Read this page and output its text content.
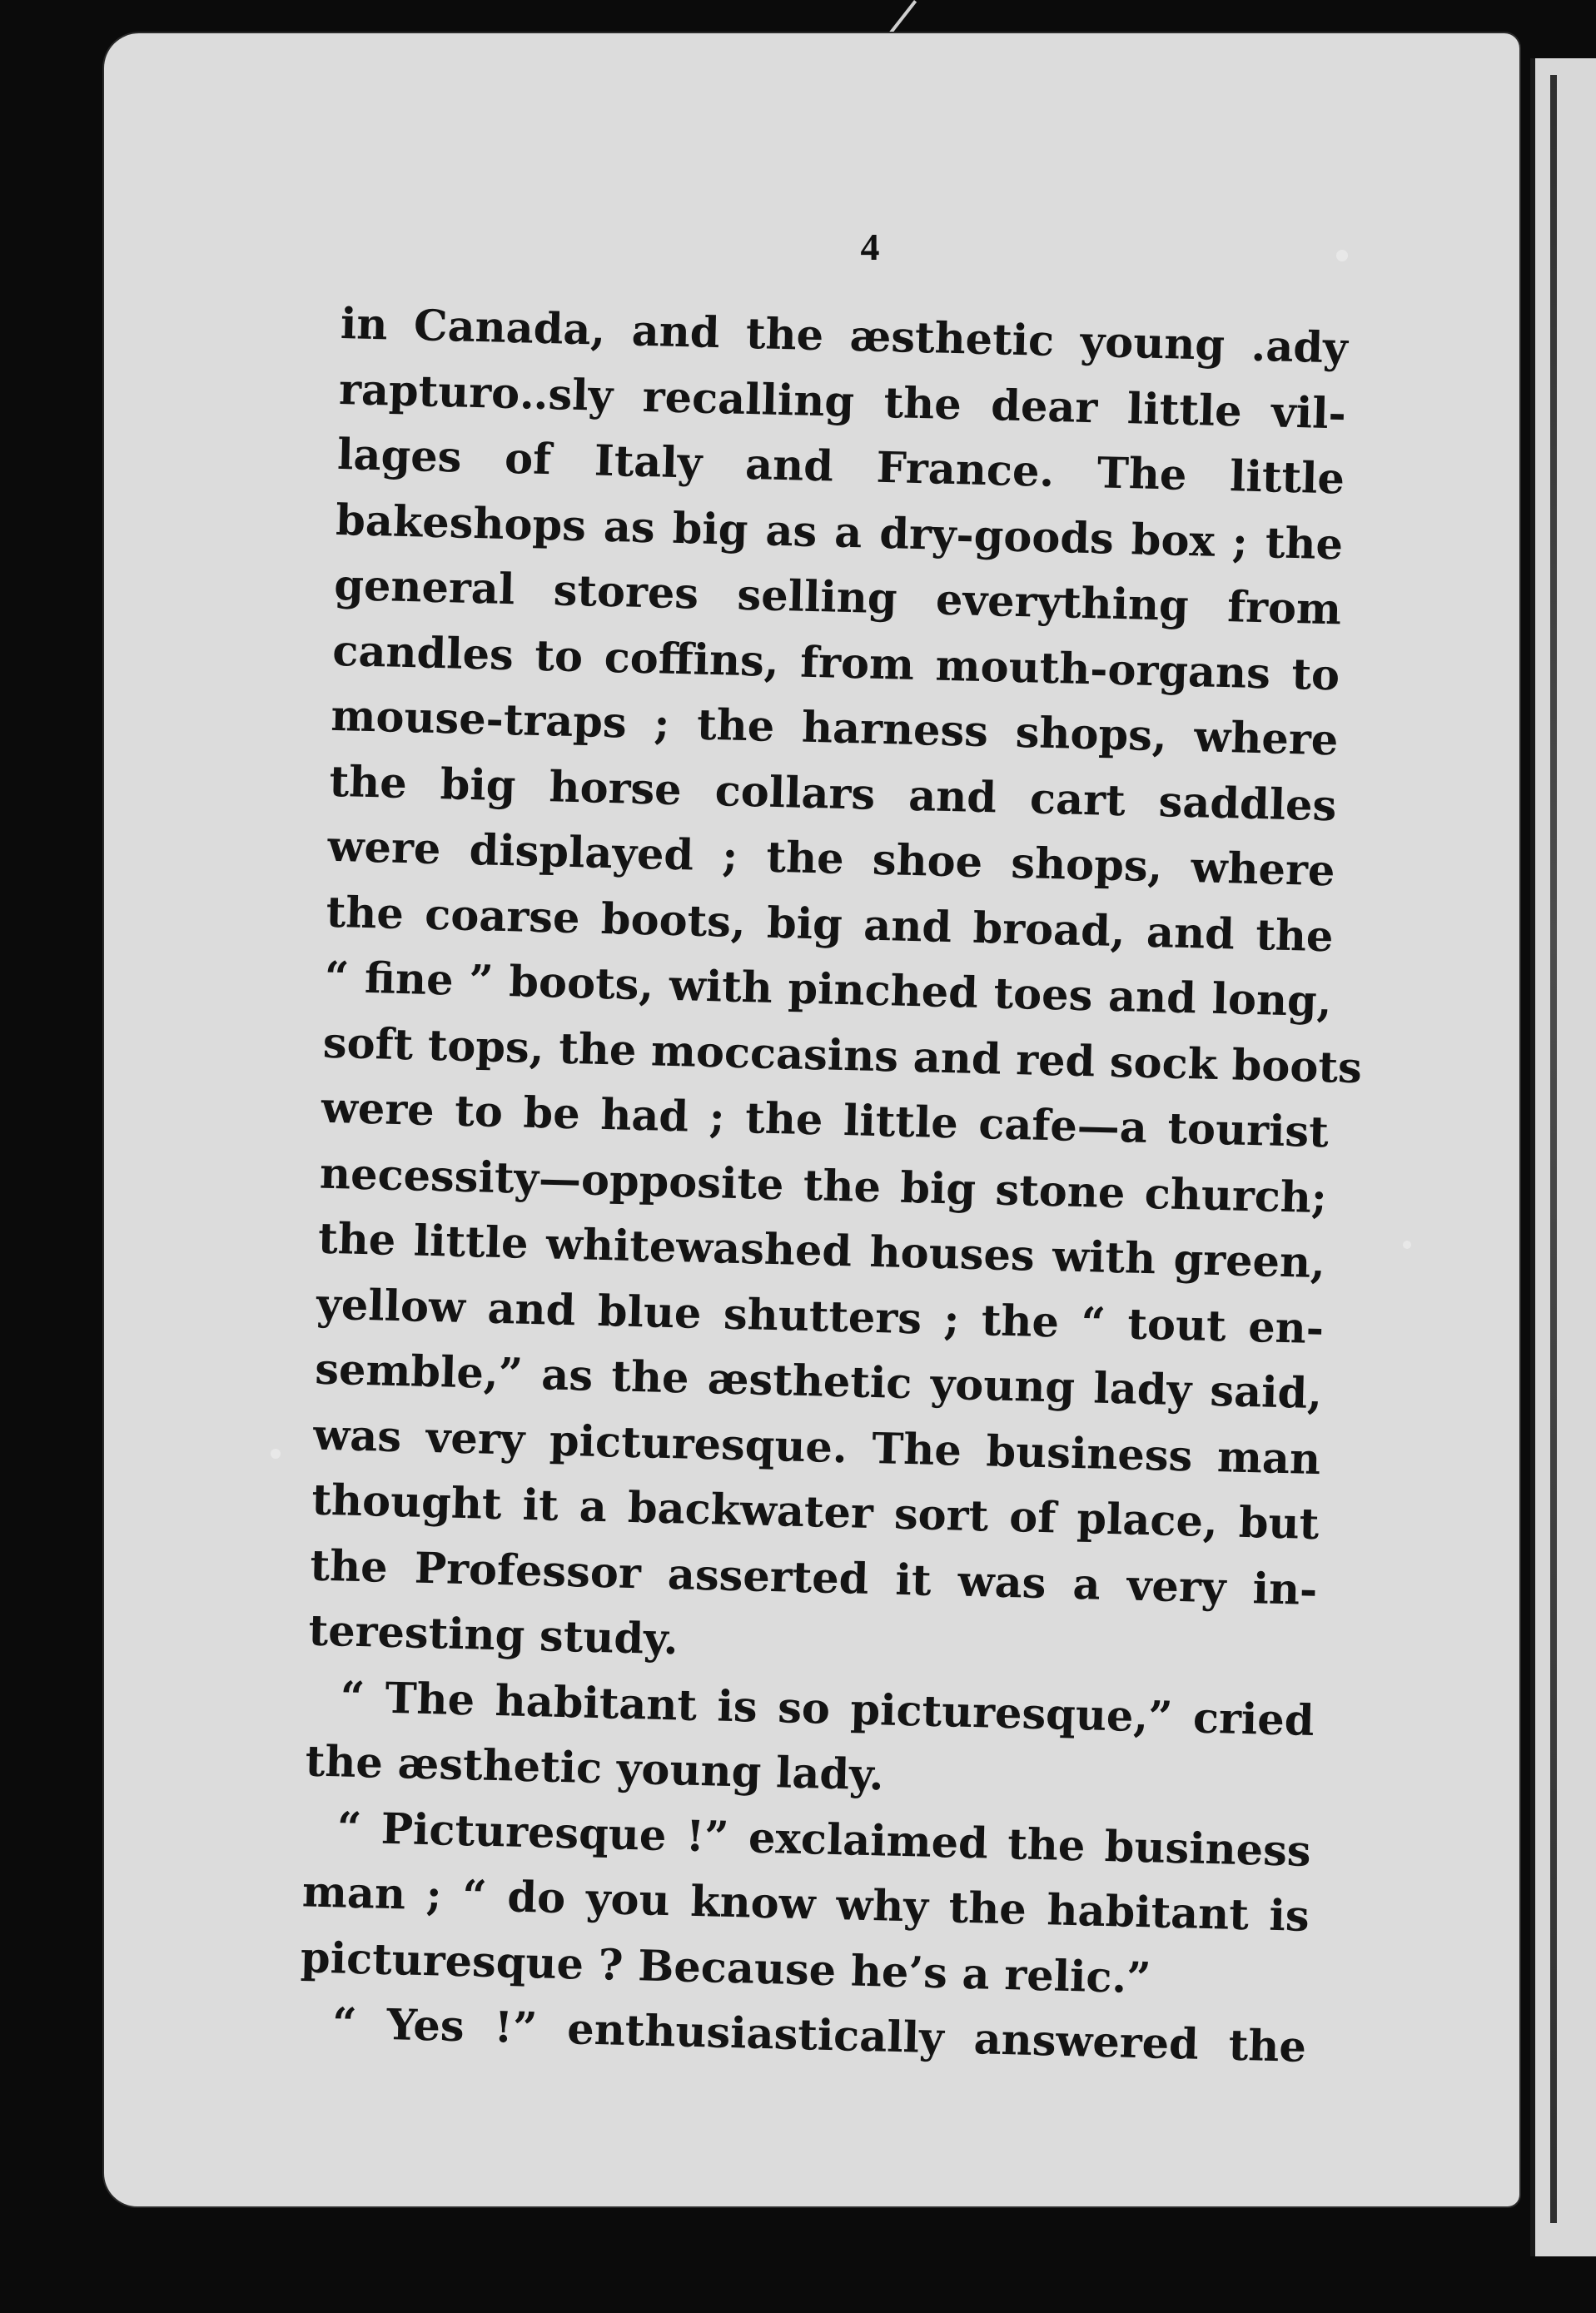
4
in Canada, and the æsthetic young ․ady
rapturo‥sly recalling the dear little vil-
lages of Italy and France. The little
bakeshops as big as a dry-goods box ; the
general stores selling everything from
candles to coffins, from mouth-organs to
mouse-traps ; the harness shops, where
the big horse collars and cart saddles
were displayed ; the shoe shops, where
the coarse boots, big and broad, and the
“ fine ” boots, with pinched toes and long,
soft tops, the moccasins and red sock boots
were to be had ; the little cafe—a tourist
necessity—opposite the big stone church;
the little whitewashed houses with green,
yellow and blue shutters ; the “ tout en-
semble,” as the æsthetic young lady said,
was very picturesque. The business man
thought it a backwater sort of place, but
the Professor asserted it was a very in-
teresting study.
“ The habitant is so picturesque,” cried
the æsthetic young lady.
“ Picturesque !” exclaimed the business
man ; “ do you know why the habitant is
picturesque ? Because he’s a relic.”
“ Yes !” enthusiastically answered the
